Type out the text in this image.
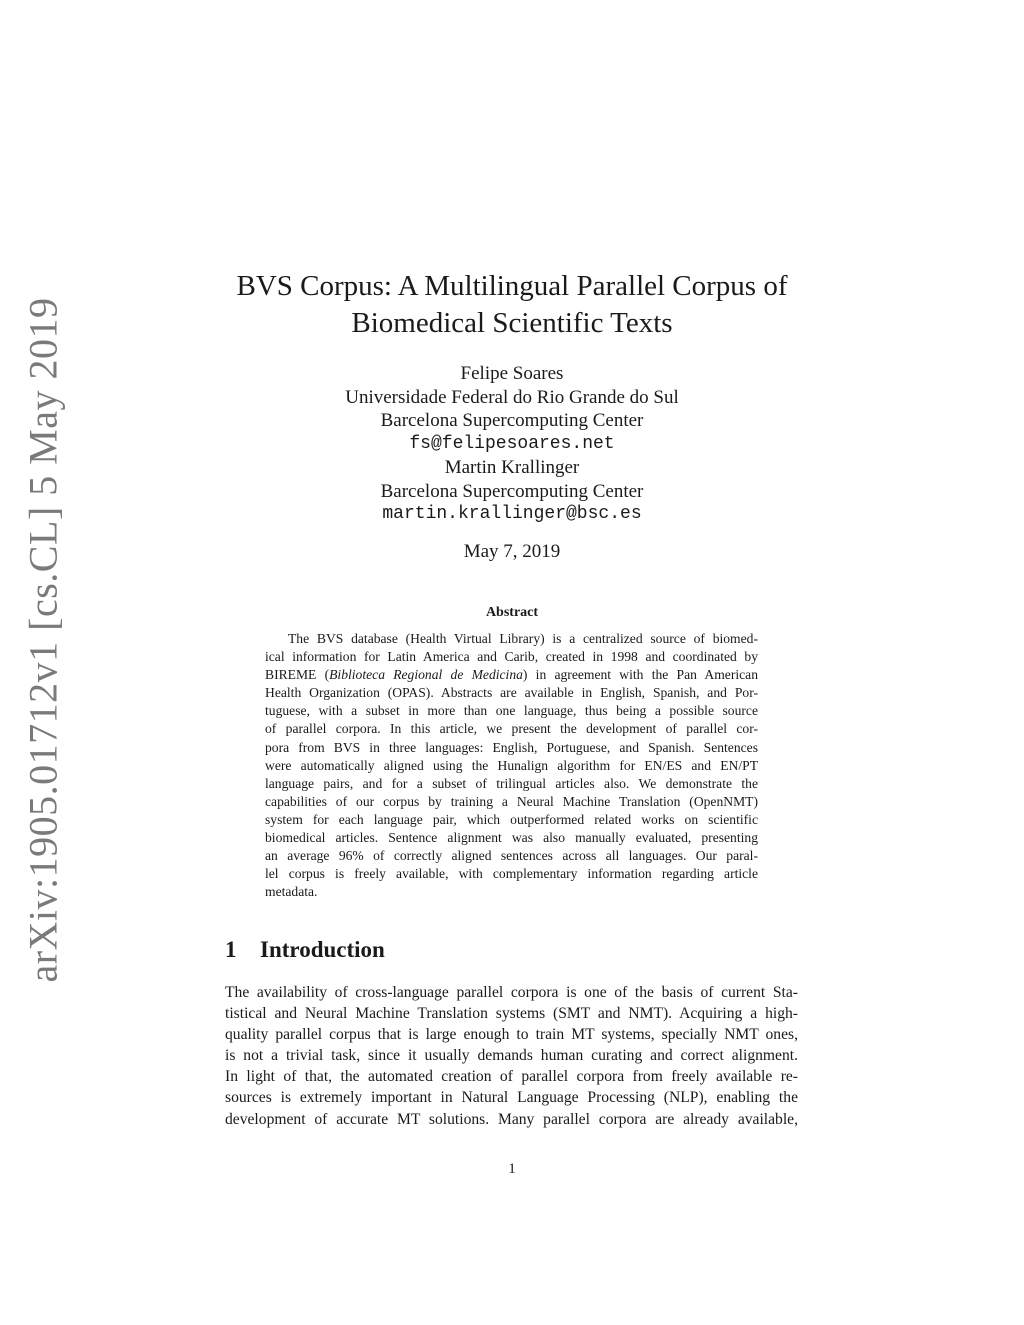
arXiv:1905.01712v1 [cs.CL] 5 May 2019
BVS Corpus: A Multilingual Parallel Corpus of
Biomedical Scientific Texts
Felipe Soares
Universidade Federal do Rio Grande do Sul
Barcelona Supercomputing Center
fs@felipesoares.net
Martin Krallinger
Barcelona Supercomputing Center
martin.krallinger@bsc.es
May 7, 2019
Abstract
The BVS database (Health Virtual Library) is a centralized source of biomed-
ical information for Latin America and Carib, created in 1998 and coordinated by
BIREME (Biblioteca Regional de Medicina) in agreement with the Pan American
Health Organization (OPAS). Abstracts are available in English, Spanish, and Por-
tuguese, with a subset in more than one language, thus being a possible source
of parallel corpora. In this article, we present the development of parallel cor-
pora from BVS in three languages: English, Portuguese, and Spanish. Sentences
were automatically aligned using the Hunalign algorithm for EN/ES and EN/PT
language pairs, and for a subset of trilingual articles also. We demonstrate the
capabilities of our corpus by training a Neural Machine Translation (OpenNMT)
system for each language pair, which outperformed related works on scientific
biomedical articles. Sentence alignment was also manually evaluated, presenting
an average 96% of correctly aligned sentences across all languages. Our paral-
lel corpus is freely available, with complementary information regarding article
metadata.
1 Introduction
The availability of cross-language parallel corpora is one of the basis of current Sta-
tistical and Neural Machine Translation systems (SMT and NMT). Acquiring a high-
quality parallel corpus that is large enough to train MT systems, specially NMT ones,
is not a trivial task, since it usually demands human curating and correct alignment.
In light of that, the automated creation of parallel corpora from freely available re-
sources is extremely important in Natural Language Processing (NLP), enabling the
development of accurate MT solutions. Many parallel corpora are already available,
1
